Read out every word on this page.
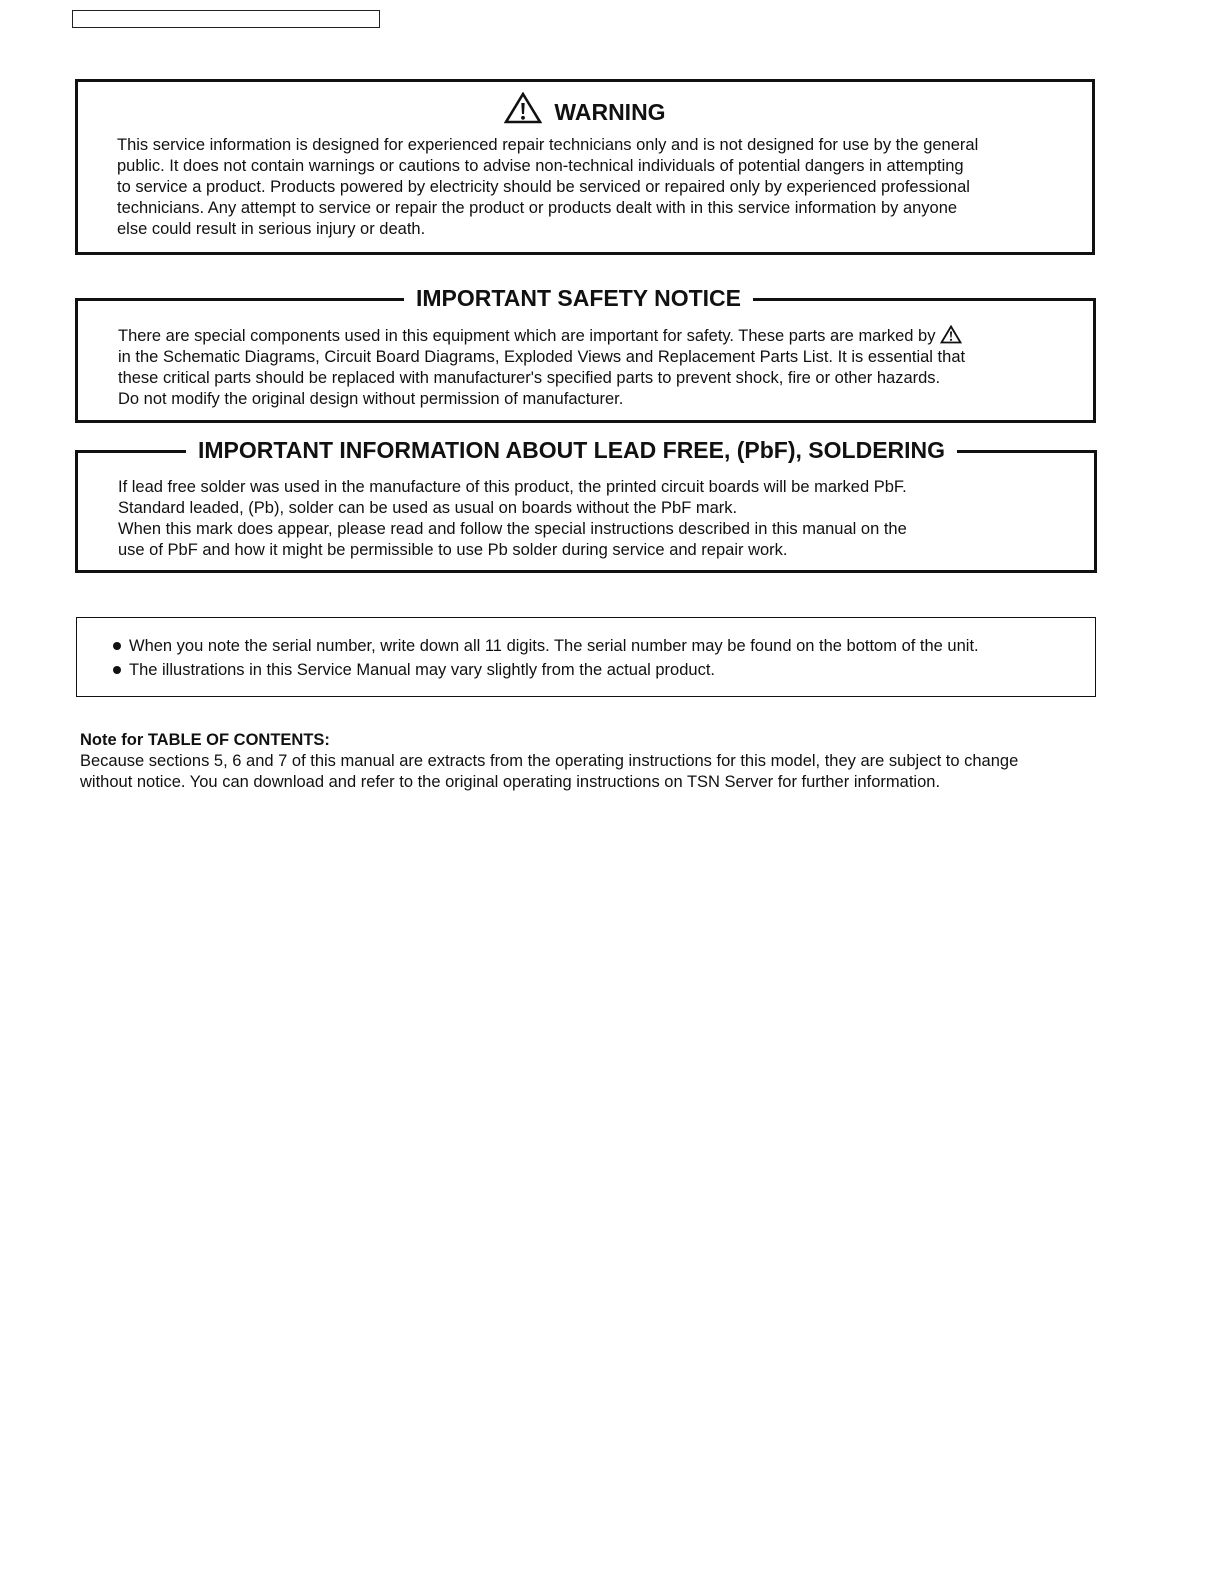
WARNING

This service information is designed for experienced repair technicians only and is not designed for use by the general

public. It does not contain warnings or cautions to advise non-technical individuals of potential dangers in attempting

to service a product. Products powered by electricity should be serviced or repaired only by experienced professional

technicians. Any attempt to service or repair the product or products dealt with in this service information by anyone

else could result in serious injury or death.

IMPORTANT SAFETY NOTICE

There are special components used in this equipment which are important for safety. These parts are marked by

in the Schematic Diagrams, Circuit Board Diagrams, Exploded Views and Replacement Parts List. It is essential that

these critical parts should be replaced with manufacturer's specified parts to prevent shock, fire or other hazards.

Do not modify the original design without permission of manufacturer.

IMPORTANT INFORMATION ABOUT LEAD FREE, (PbF), SOLDERING

If lead free solder was used in the manufacture of this product, the printed circuit boards will be marked PbF.

Standard leaded, (Pb), solder can be used as usual on boards without the PbF mark.

When this mark does appear, please read and follow the special instructions described in this manual on the

use of PbF and how it might be permissible to use Pb solder during service and repair work.

When you note the serial number, write down all 11 digits. The serial number may be found on the bottom of the unit.
The illustrations in this Service Manual may vary slightly from the actual product.
Note for TABLE OF CONTENTS:

Because sections 5, 6 and 7 of this manual are extracts from the operating instructions for this model, they are subject to change

without notice. You can download and refer to the original operating instructions on TSN Server for further information.
